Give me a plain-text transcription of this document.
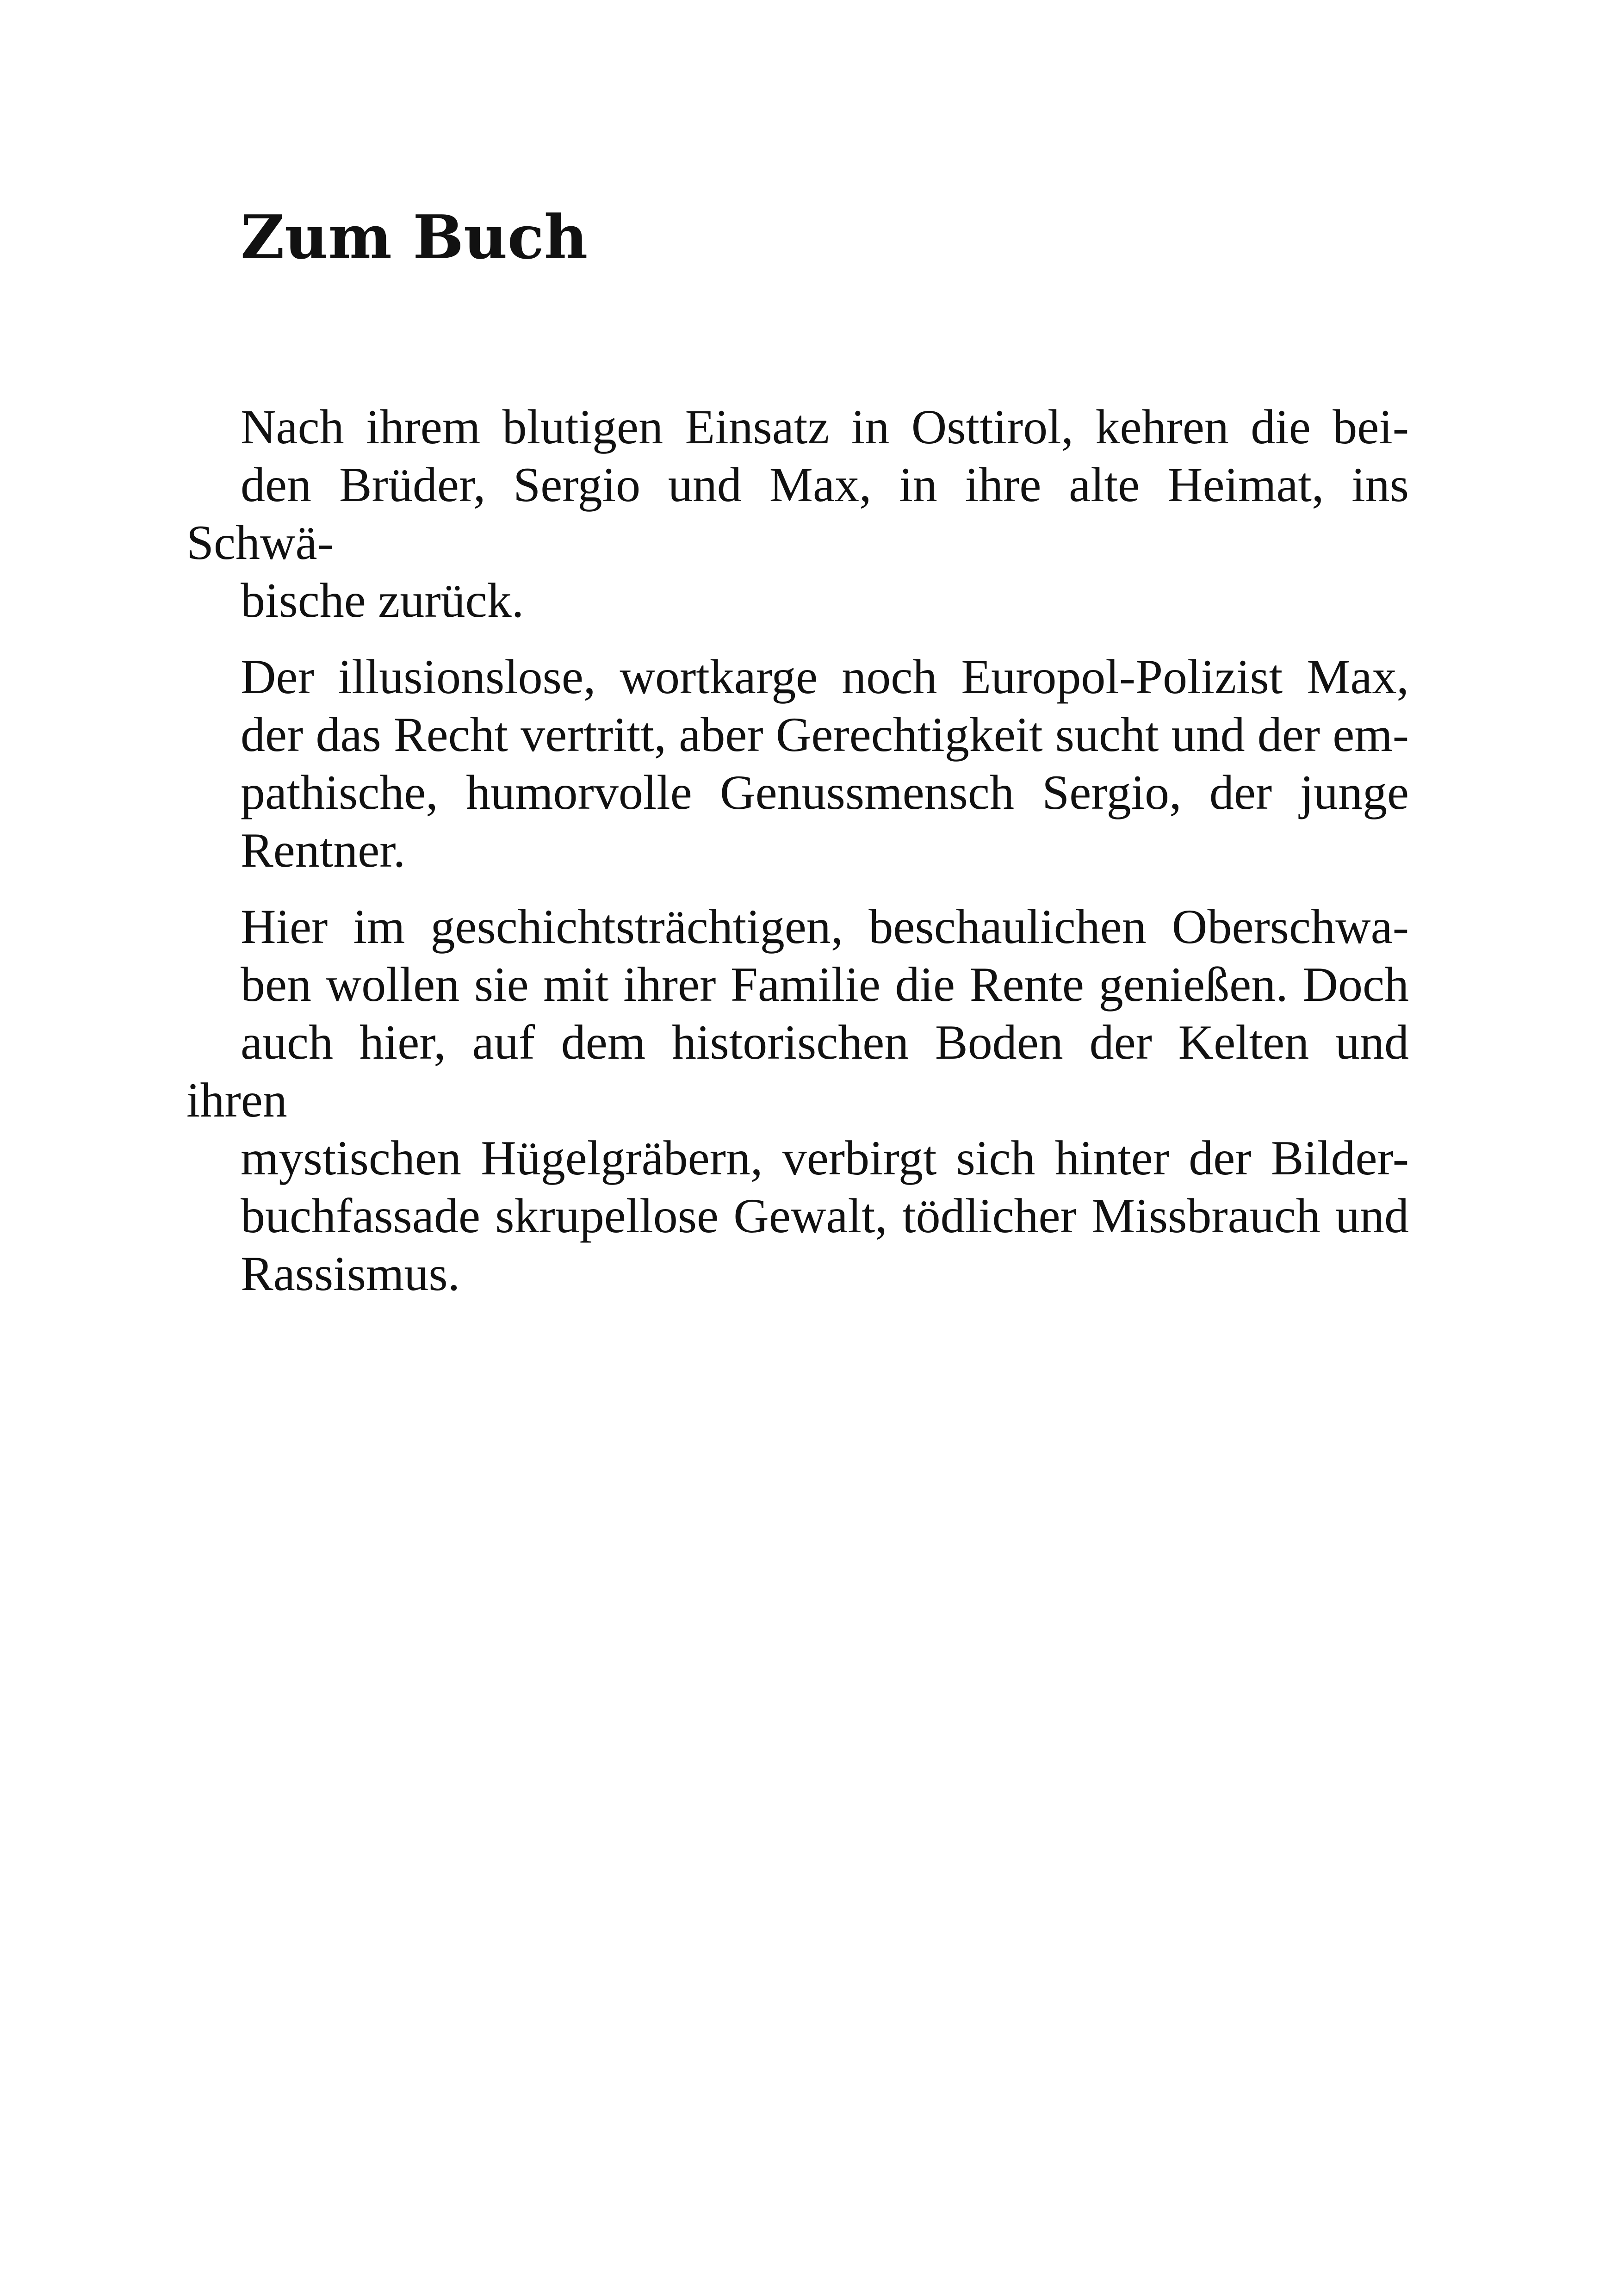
Zum Buch

Nach ihrem blutigen Einsatz in Osttirol, kehren die bei-
den Brüder, Sergio und Max, in ihre alte Heimat, ins Schwä-
bische zurück.

Der illusionslose, wortkarge noch Europol-Polizist Max,
der das Recht vertritt, aber Gerechtigkeit sucht und der em-
pathische, humorvolle Genussmensch Sergio, der junge
Rentner.

Hier im geschichtsträchtigen, beschaulichen Oberschwa-
ben wollen sie mit ihrer Familie die Rente genießen. Doch
auch hier, auf dem historischen Boden der Kelten und ihren
mystischen Hügelgräbern, verbirgt sich hinter der Bilder-
buchfassade skrupellose Gewalt, tödlicher Missbrauch und
Rassismus.
